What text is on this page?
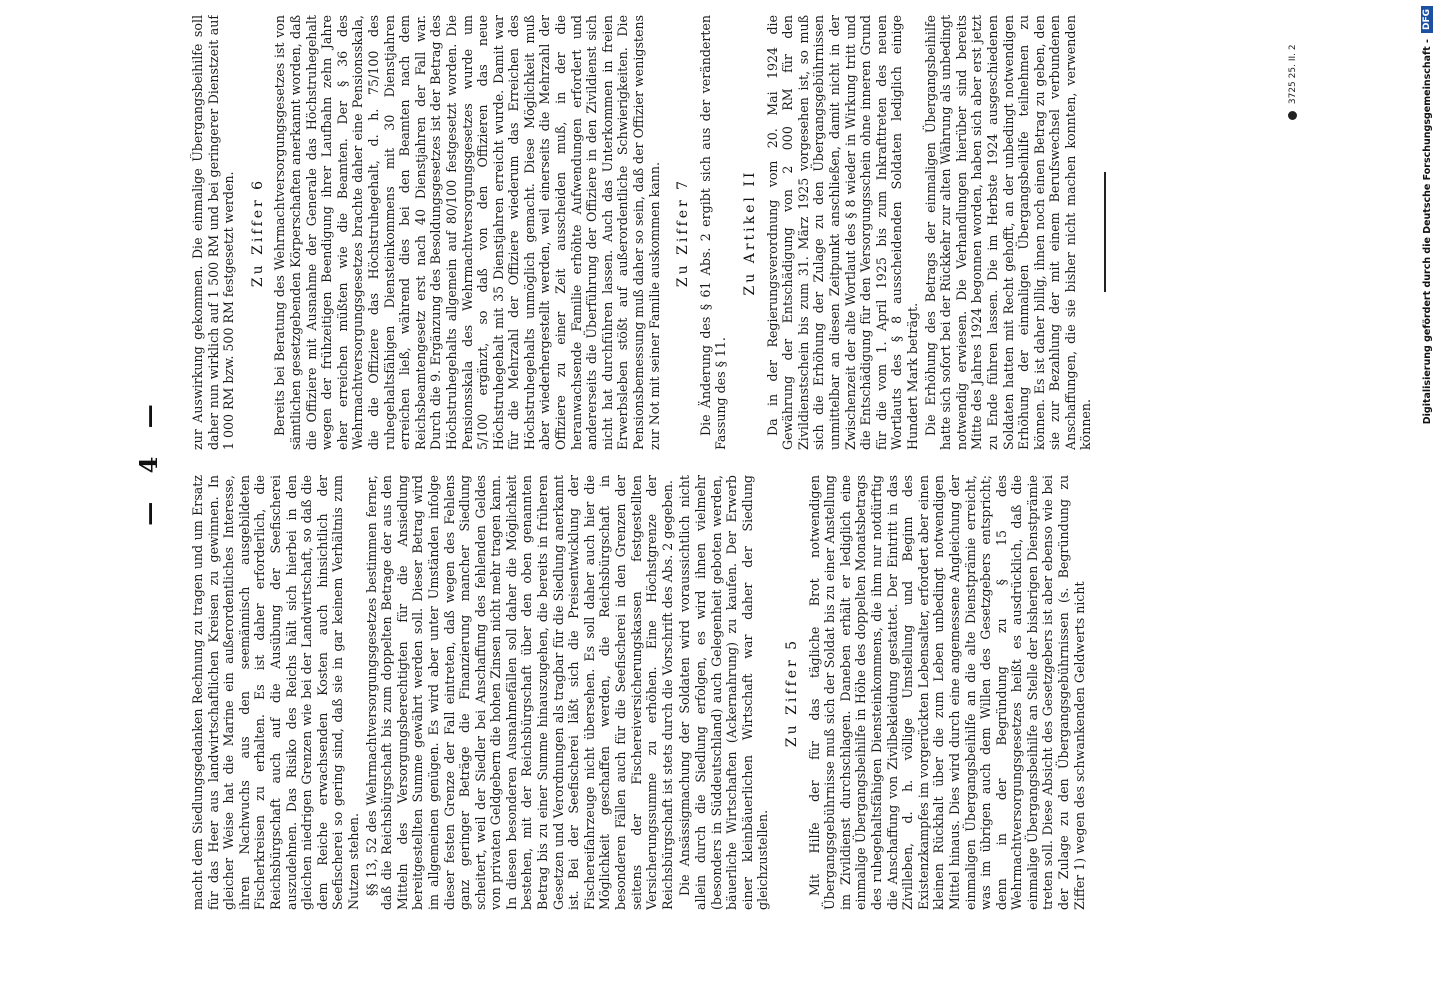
— 4 —

macht dem Siedlungsgedanken Rechnung zu tragen und um Ersatz für das Heer aus landwirtschaftlichen Kreisen zu gewinnen. In gleicher Weise hat die Marine ein außerordentliches Interesse, ihren Nachwuchs aus den seemännisch ausgebildeten Fischerkreisen zu erhalten. Es ist daher erforderlich, die Reichsbürgschaft auch auf die Ausübung der Seefischerei auszudehnen. Das Risiko des Reichs hält sich hierbei in den gleichen niedrigen Grenzen wie bei der Landwirtschaft, so daß die dem Reiche erwachsenden Kosten auch hinsichtlich der Seefischerei so gering sind, daß sie in gar keinem Verhältnis zum Nutzen stehen. §§ 13, 52 des Wehrmachtversorgungsgesetzes bestimmen ferner, daß die Reichsbürgschaft bis zum doppelten Betrage der aus den Mitteln des Versorgungsberechtigten für die Ansiedlung bereitgestellten Summe gewährt werden soll. Dieser Betrag wird im allgemeinen genügen. Es wird aber unter Umständen infolge dieser festen Grenze der Fall eintreten, daß wegen des Fehlens ganz geringer Beträge die Finanzierung mancher Siedlung scheitert, weil der Siedler bei Anschaffung des fehlenden Geldes von privaten Geldgebern die hohen Zinsen nicht mehr tragen kann. In diesen besonderen Ausnahmefällen soll daher die Möglichkeit bestehen, mit der Reichsbürgschaft über den oben genannten Betrag bis zu einer Summe hinauszugehen, die bereits in früheren Gesetzen und Verordnungen als tragbar für die Siedlung anerkannt ist. Bei der Seefischerei läßt sich die Preisentwicklung der Fischereifahrzeuge nicht übersehen. Es soll daher auch hier die Möglichkeit geschaffen werden, die Reichsbürgschaft in besonderen Fällen auch für die Seefischerei in den Grenzen der seitens der Fischereiversicherungskassen festgestellten Versicherungssumme zu erhöhen. Eine Höchstgrenze der Reichsbürgschaft ist stets durch die Vorschrift des Abs. 2 gegeben. Die Ansässigmachung der Soldaten wird voraussichtlich nicht allein durch die Siedlung erfolgen, es wird ihnen vielmehr (besonders in Süddeutschland) auch Gelegenheit geboten werden, bäuerliche Wirtschaften (Ackernahrung) zu kaufen. Der Erwerb einer kleinbäuerlichen Wirtschaft war daher der Siedlung gleichzustellen.

Zu Ziffer 5 Mit Hilfe der für das tägliche Brot notwendigen Übergangsgebührnisse muß sich der Soldat bis zu einer Anstellung im Zivildienst durchschlagen. Daneben erhält er lediglich eine einmalige Übergangsbeihilfe in Höhe des doppelten Monatsbetrags des ruhegehaltsfähigen Diensteinkommens, die ihm nur notdürftig die Anschaffung von Zivilbekleidung gestattet. Der Eintritt in das Zivilleben, d. h. völlige Umstellung und Beginn des Existenzkampfes im vorgerückten Lebensalter, erfordert aber einen kleinen Rückhalt über die zum Leben unbedingt notwendigen Mittel hinaus. Dies wird durch eine angemessene Angleichung der einmaligen Übergangsbeihilfe an die alte Dienstprämie erreicht, was im übrigen auch dem Willen des Gesetzgebers entspricht; denn in der Begründung zu § 15 des Wehrmachtversorgungsgesetzes heißt es ausdrücklich, daß die einmalige Übergangsbeihilfe an Stelle der bisherigen Dienstprämie treten soll. Diese Absicht des Gesetzgebers ist aber ebenso wie bei der Zulage zu den Übergangsgebührnissen (s. Begründung zu Ziffer 1) wegen des schwankenden Geldwerts nicht

zur Auswirkung gekommen. Die einmalige Übergangsbeihilfe soll daher nun wirklich auf 1 500 RM und bei geringerer Dienstzeit auf 1 000 RM bzw. 500 RM festgesetzt werden. Zu Ziffer 6 Bereits bei Beratung des Wehrmachtversorgungsgesetzes ist von sämtlichen gesetzgebenden Körperschaften anerkannt worden, daß die Offiziere mit Ausnahme der Generale das Höchstruhegehalt wegen der frühzeitigen Beendigung ihrer Laufbahn zehn Jahre eher erreichen müßten wie die Beamten. Der § 36 des Wehrmachtversorgungsgesetzes brachte daher eine Pensionsskala, die die Offiziere das Höchstruhegehalt, d. h. 75/100 des ruhegehaltsfähigen Diensteinkommens mit 30 Dienstjahren erreichen ließ, während dies bei den Beamten nach dem Reichsbeamtengesetz erst nach 40 Dienstjahren der Fall war. Durch die 9. Ergänzung des Besoldungsgesetzes ist der Betrag des Höchstruhegehalts allgemein auf 80/100 festgesetzt worden. Die Pensionsskala des Wehrmachtversorgungsgesetzes wurde um 5/100 ergänzt, so daß von den Offizieren das neue Höchstruhegehalt mit 35 Dienstjahren erreicht wurde. Damit war für die Mehrzahl der Offiziere wiederum das Erreichen des Höchstruhegehalts unmöglich gemacht. Diese Möglichkeit muß aber wiederhergestellt werden, weil einerseits die Mehrzahl der Offiziere zu einer Zeit ausscheiden muß, in der die heranwachsende Familie erhöhte Aufwendungen erfordert und andererseits die Überführung der Offiziere in den Zivildienst sich nicht hat durchführen lassen. Auch das Unterkommen in freien Erwerbsleben stößt auf außerordentliche Schwierigkeiten. Die Pensionsbemessung muß daher so sein, daß der Offizier wenigstens zur Not mit seiner Familie auskommen kann. Zu Ziffer 7 Die Änderung des § 61 Abs. 2 ergibt sich aus der veränderten Fassung des § 11.

Zu Artikel II Da in der Regierungsverordnung vom 20. Mai 1924 die Gewährung der Entschädigung von 2 000 RM für den Zivildienstschein bis zum 31. März 1925 vorgesehen ist, so muß sich die Erhöhung der Zulage zu den Übergangsgebührnissen unmittelbar an diesen Zeitpunkt anschließen, damit nicht in der Zwischenzeit der alte Wortlaut des § 8 wieder in Wirkung tritt und die Entschädigung für den Versorgungsschein ohne inneren Grund für die vom 1. April 1925 bis zum Inkrafttreten des neuen Wortlauts des § 8 ausscheidenden Soldaten lediglich einige Hundert Mark beträgt. Die Erhöhung des Betrags der einmaligen Übergangsbeihilfe hatte sich sofort bei der Rückkehr zur alten Währung als unbedingt notwendig erwiesen. Die Verhandlungen hierüber sind bereits Mitte des Jahres 1924 begonnen worden, haben sich aber erst jetzt zu Ende führen lassen. Die im Herbste 1924 ausgeschiedenen Soldaten hatten mit Recht gehofft, an der unbedingt notwendigen Erhöhung der einmaligen Übergangsbeihilfe teilnehmen zu können. Es ist daher billig, ihnen noch einen Betrag zu geben, den sie zur Bezahlung der mit einem Berufswechsel verbundenen Anschaffungen, die sie bisher nicht machen konnten, verwenden können.

3725 25. II. 2	Digitalisierung gefördert durch die Deutsche Forschungsgemeinschaft -
DFG
